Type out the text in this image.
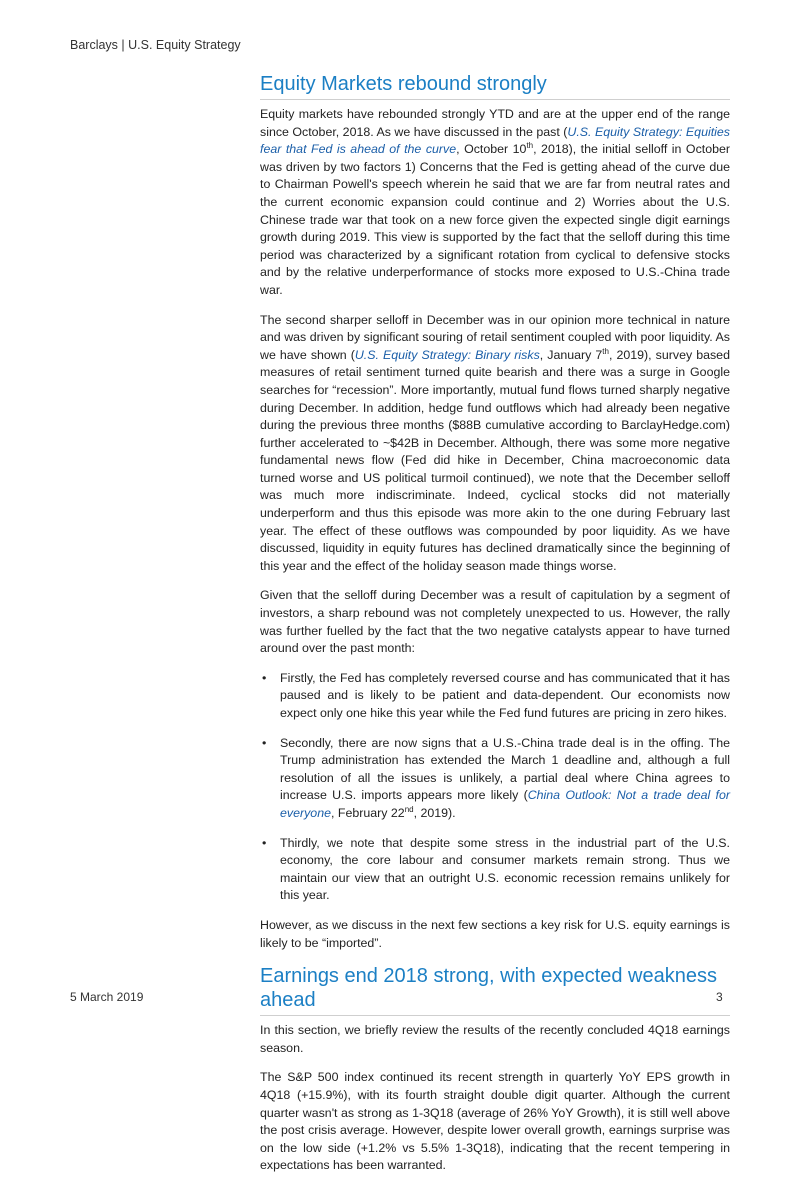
Barclays | U.S. Equity Strategy
Equity Markets rebound strongly

Equity markets have rebounded strongly YTD and are at the upper end of the range since October, 2018. As we have discussed in the past (U.S. Equity Strategy: Equities fear that Fed is ahead of the curve, October 10th, 2018), the initial selloff in October was driven by two factors 1) Concerns that the Fed is getting ahead of the curve due to Chairman Powell's speech wherein he said that we are far from neutral rates and the current economic expansion could continue and 2) Worries about the U.S. Chinese trade war that took on a new force given the expected single digit earnings growth during 2019. This view is supported by the fact that the selloff during this time period was characterized by a significant rotation from cyclical to defensive stocks and by the relative underperformance of stocks more exposed to U.S.-China trade war.

The second sharper selloff in December was in our opinion more technical in nature and was driven by significant souring of retail sentiment coupled with poor liquidity. As we have shown (U.S. Equity Strategy: Binary risks, January 7th, 2019), survey based measures of retail sentiment turned quite bearish and there was a surge in Google searches for “recession”. More importantly, mutual fund flows turned sharply negative during December. In addition, hedge fund outflows which had already been negative during the previous three months ($88B cumulative according to BarclayHedge.com) further accelerated to ~$42B in December. Although, there was some more negative fundamental news flow (Fed did hike in December, China macroeconomic data turned worse and US political turmoil continued), we note that the December selloff was much more indiscriminate. Indeed, cyclical stocks did not materially underperform and thus this episode was more akin to the one during February last year. The effect of these outflows was compounded by poor liquidity. As we have discussed, liquidity in equity futures has declined dramatically since the beginning of this year and the effect of the holiday season made things worse.

Given that the selloff during December was a result of capitulation by a segment of investors, a sharp rebound was not completely unexpected to us. However, the rally was further fuelled by the fact that the two negative catalysts appear to have turned around over the past month:

• Firstly, the Fed has completely reversed course and has communicated that it has paused and is likely to be patient and data-dependent. Our economists now expect only one hike this year while the Fed fund futures are pricing in zero hikes.
• Secondly, there are now signs that a U.S.-China trade deal is in the offing. The Trump administration has extended the March 1 deadline and, although a full resolution of all the issues is unlikely, a partial deal where China agrees to increase U.S. imports appears more likely (China Outlook: Not a trade deal for everyone, February 22nd, 2019).
• Thirdly, we note that despite some stress in the industrial part of the U.S. economy, the core labour and consumer markets remain strong. Thus we maintain our view that an outright U.S. economic recession remains unlikely for this year.

However, as we discuss in the next few sections a key risk for U.S. equity earnings is likely to be “imported”.

Earnings end 2018 strong, with expected weakness ahead

In this section, we briefly review the results of the recently concluded 4Q18 earnings season.

The S&P 500 index continued its recent strength in quarterly YoY EPS growth in 4Q18 (+15.9%), with its fourth straight double digit quarter. Although the current quarter wasn't as strong as 1-3Q18 (average of 26% YoY Growth), it is still well above the post crisis average. However, despite lower overall growth, earnings surprise was on the low side (+1.2% vs 5.5% 1-3Q18), indicating that the recent tempering in expectations has been warranted.

5 March 2019	3
